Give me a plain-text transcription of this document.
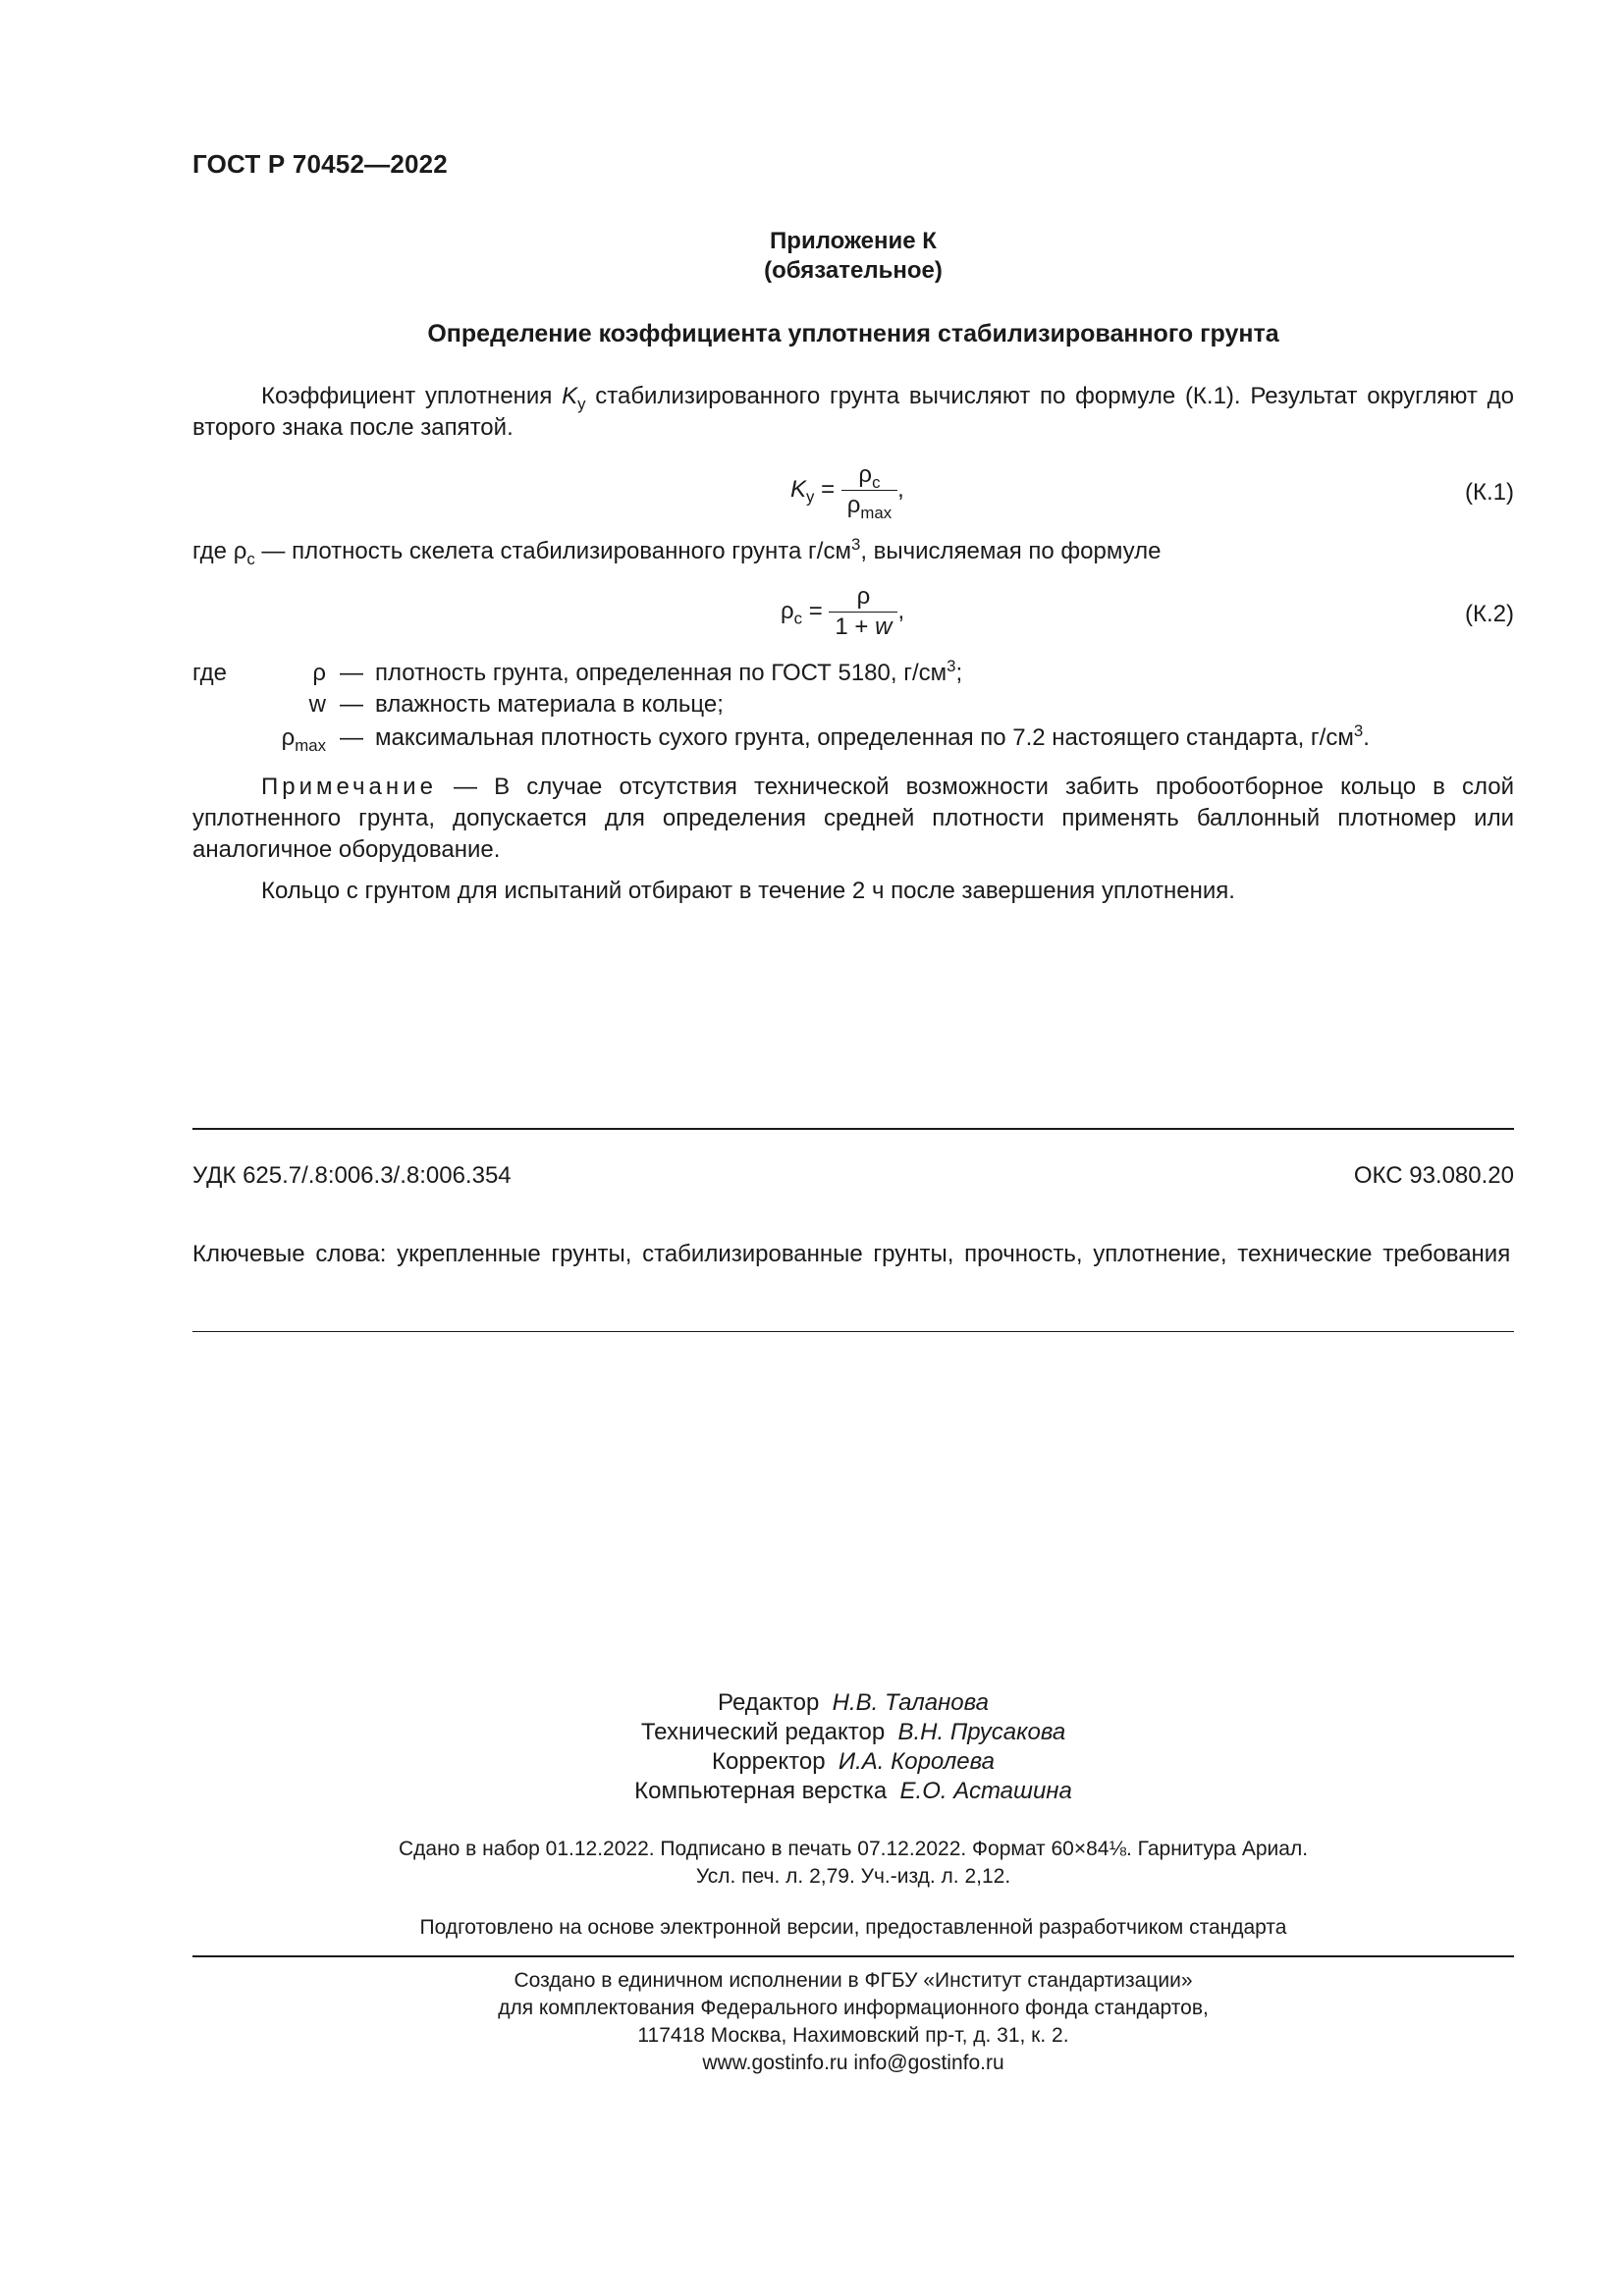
ГОСТ Р 70452—2022
Приложение К
(обязательное)
Определение коэффициента уплотнения стабилизированного грунта
Коэффициент уплотнения $K_у$ стабилизированного грунта вычисляют по формуле (К.1). Результат округляют до второго знака после запятой.
$K_у = \frac{\rho_с}{\rho_{max}}$ ,	(К.1)
где $\rho_с$ — плотность скелета стабилизированного грунта $г/см^3$, вычисляемая по формуле
$\rho_с = \frac{\rho}{1 + w}$ ,	(К.2)
где	ρ — плотность грунта, определенная по ГОСТ 5180, $г/см^3$;
w — влажность материала в кольце;
$\rho_{max}$ — максимальная плотность сухого грунта, определенная по 7.2 настоящего стандарта, $г/см^3$.
Примечание — В случае отсутствия технической возможности забить пробоотборное кольцо в слой уплотненного грунта, допускается для определения средней плотности применять баллонный плотномер или аналогичное оборудование.
Кольцо с грунтом для испытаний отбирают в течение 2 ч после завершения уплотнения.
УДК 625.7/.8:006.3/.8:006.354	ОКС 93.080.20
Ключевые слова: укрепленные грунты, стабилизированные грунты, прочность, уплотнение, технические требования
Редактор  Н.В. Таланова
Технический редактор  В.Н. Прусакова
Корректор  И.А. Королева
Компьютерная верстка  Е.О. Асташина
Сдано в набор 01.12.2022. Подписано в печать 07.12.2022. Формат 60×84⅛. Гарнитура Ариал.
Усл. печ. л. 2,79. Уч.-изд. л. 2,12.
Подготовлено на основе электронной версии, предоставленной разработчиком стандарта
Создано в единичном исполнении в ФГБУ «Институт стандартизации»
для комплектования Федерального информационного фонда стандартов,
117418 Москва, Нахимовский пр-т, д. 31, к. 2.
www.gostinfo.ru info@gostinfo.ru
